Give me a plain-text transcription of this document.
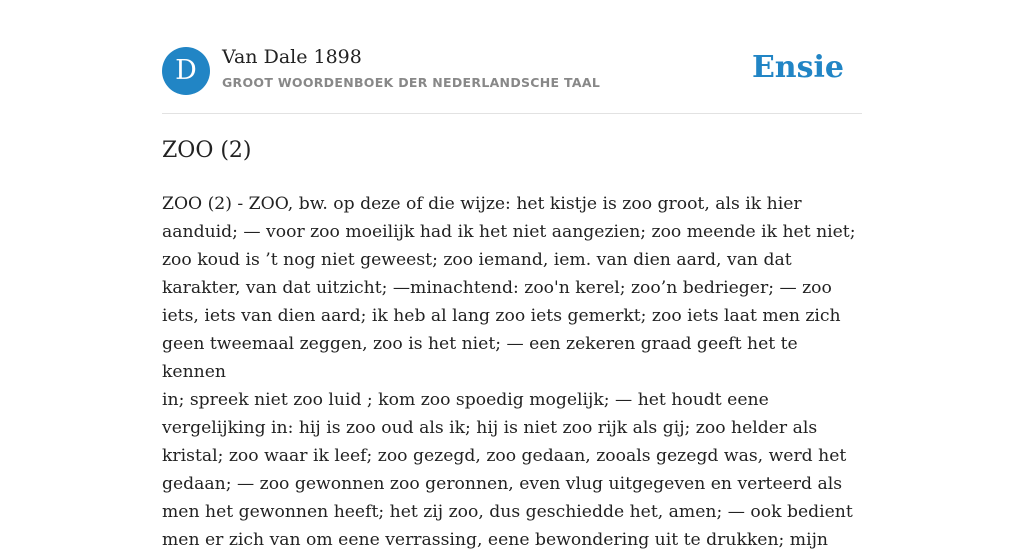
D	Van Dale 1898
GROOT WOORDENBOEK DER NEDERLANDSCHE TAAL	Ensie
ZOO (2)

ZOO (2) - ZOO, bw. op deze of die wijze: het kistje is zoo groot, als ik hier
aanduid; — voor zoo moeilijk had ik het niet aangezien; zoo meende ik het niet;
zoo koud is ’t nog niet geweest; zoo iemand, iem. van dien aard, van dat
karakter, van dat uitzicht; —minachtend: zoo'n kerel; zoo’n bedrieger; — zoo
iets, iets van dien aard; ik heb al lang zoo iets gemerkt; zoo iets laat men zich
geen tweemaal zeggen, zoo is het niet; — een zekeren graad geeft het te kennen
in; spreek niet zoo luid ; kom zoo spoedig mogelijk; — het houdt eene
vergelijking in: hij is zoo oud als ik; hij is niet zoo rijk als gij; zoo helder als
kristal; zoo waar ik leef; zoo gezegd, zoo gedaan, zooals gezegd was, werd het
gedaan; — zoo gewonnen zoo geronnen, even vlug uitgegeven en verteerd als
men het gewonnen heeft; het zij zoo, dus geschiedde het, amen; — ook bedient
men er zich van om eene verrassing, eene bewondering uit te drukken; mijn
